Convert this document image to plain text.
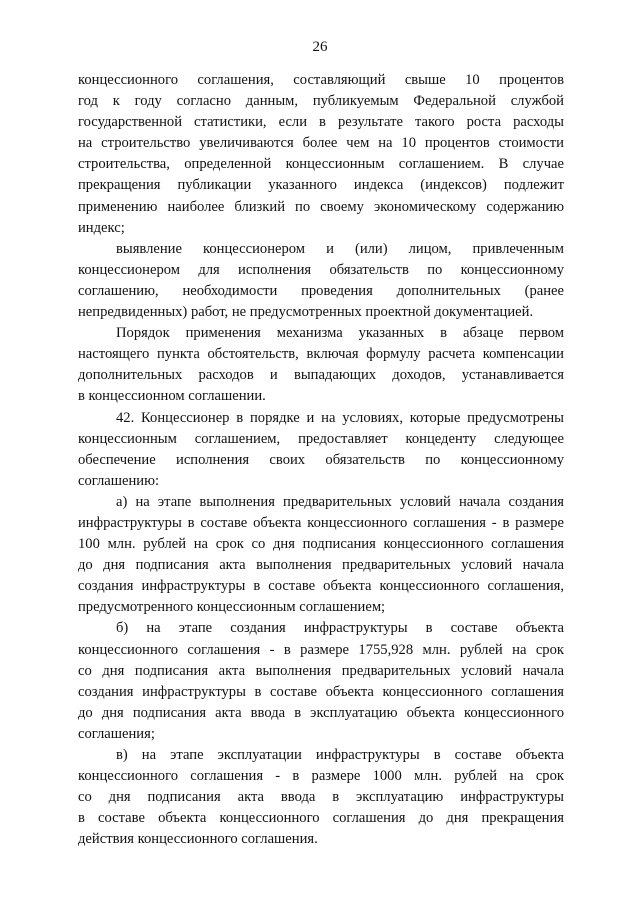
26

концессионного соглашения, составляющий свыше 10 процентов
год к году согласно данным, публикуемым Федеральной службой
государственной статистики, если в результате такого роста расходы
на строительство увеличиваются более чем на 10 процентов стоимости
строительства, определенной концессионным соглашением. В случае
прекращения публикации указанного индекса (индексов) подлежит
применению наиболее близкий по своему экономическому содержанию
индекс;

выявление концессионером и (или) лицом, привлеченным
концессионером для исполнения обязательств по концессионному
соглашению, необходимости проведения дополнительных (ранее
непредвиденных) работ, не предусмотренных проектной документацией.

Порядок применения механизма указанных в абзаце первом
настоящего пункта обстоятельств, включая формулу расчета компенсации
дополнительных расходов и выпадающих доходов, устанавливается
в концессионном соглашении.

42. Концессионер в порядке и на условиях, которые предусмотрены
концессионным соглашением, предоставляет концеденту следующее
обеспечение исполнения своих обязательств по концессионному
соглашению:

а) на этапе выполнения предварительных условий начала создания
инфраструктуры в составе объекта концессионного соглашения - в размере
100 млн. рублей на срок со дня подписания концессионного соглашения
до дня подписания акта выполнения предварительных условий начала
создания инфраструктуры в составе объекта концессионного соглашения,
предусмотренного концессионным соглашением;

б) на этапе создания инфраструктуры в составе объекта
концессионного соглашения - в размере 1755,928 млн. рублей на срок
со дня подписания акта выполнения предварительных условий начала
создания инфраструктуры в составе объекта концессионного соглашения
до дня подписания акта ввода в эксплуатацию объекта концессионного
соглашения;

в) на этапе эксплуатации инфраструктуры в составе объекта
концессионного соглашения - в размере 1000 млн. рублей на срок
со дня подписания акта ввода в эксплуатацию инфраструктуры
в составе объекта концессионного соглашения до дня прекращения
действия концессионного соглашения.
